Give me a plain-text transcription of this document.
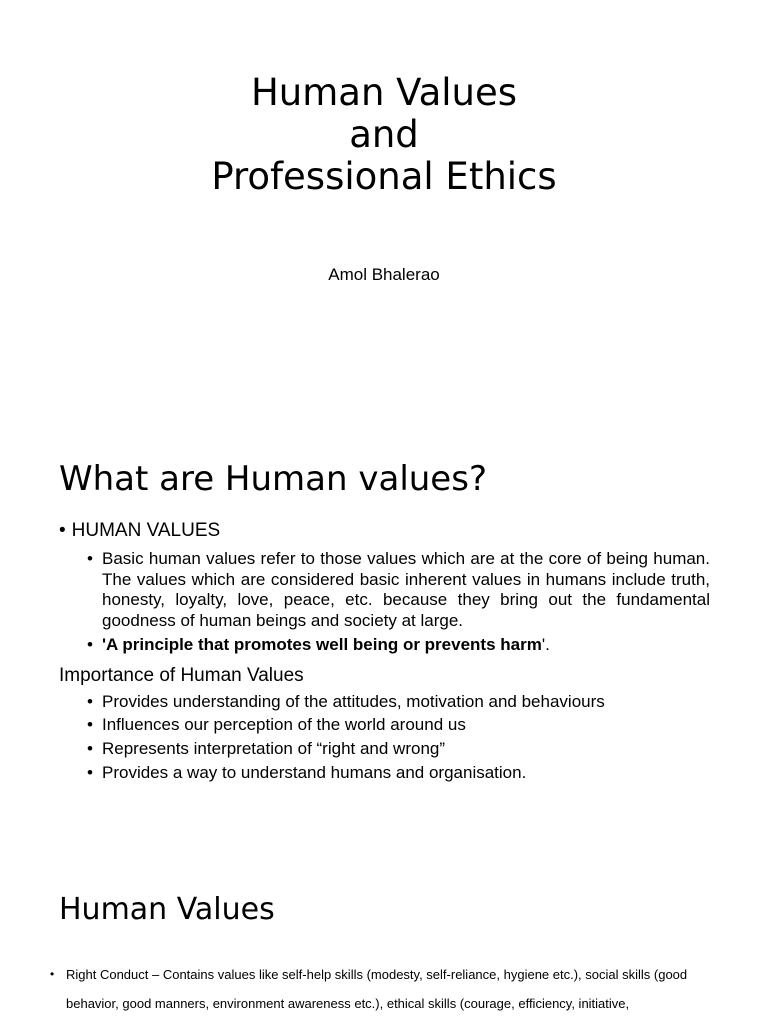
Human Values
and
Professional Ethics
Amol Bhalerao
What are Human values?
• HUMAN VALUES
• Basic human values refer to those values which are at the core of being human. The values which are considered basic inherent values in humans include truth, honesty, loyalty, love, peace, etc. because they bring out the fundamental goodness of human beings and society at large.
• 'A principle that promotes well being or prevents harm'.
Importance of Human Values
• Provides understanding of the attitudes, motivation and behaviours
• Influences our perception of the world around us
• Represents interpretation of “right and wrong”
• Provides a way to understand humans and organisation.
Human Values
• Right Conduct – Contains values like self-help skills (modesty, self-reliance, hygiene etc.), social skills (good behavior, good manners, environment awareness etc.), ethical skills (courage, efficiency, initiative,
